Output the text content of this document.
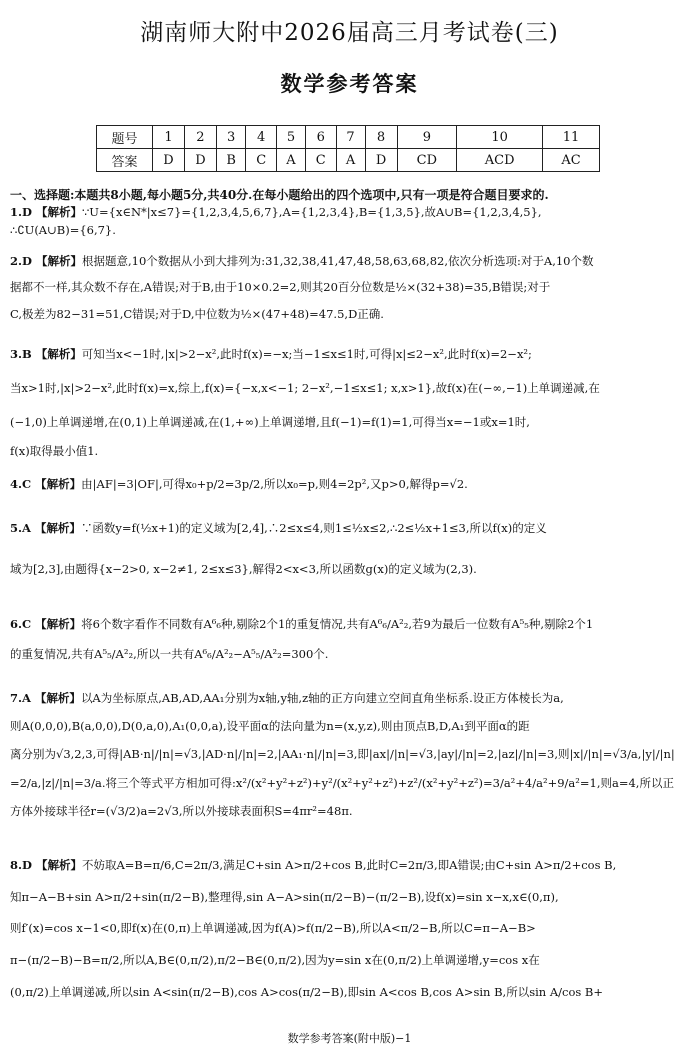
湖南师大附中2026届高三月考试卷(三)
数学参考答案
题号	1	2	3	4	5	6	7	8	9	10	11
答案	D	D	B	C	A	C	A	D	CD	ACD	AC
一、选择题:本题共8小题,每小题5分,共40分.在每小题给出的四个选项中,只有一项是符合题目要求的.
1.D 【解析】∵U={x∈N*|x≤7}={1,2,3,4,5,6,7},A={1,2,3,4},B={1,3,5},故A∪B={1,2,3,4,5},
∴∁U(A∪B)={6,7}.
2.D 【解析】根据题意,10个数据从小到大排列为:31,32,38,41,47,48,58,63,68,82,依次分析选项:对于A,10个数
据都不一样,其众数不存在,A错误;对于B,由于10×0.2=2,则其20百分位数是½×(32+38)=35,B错误;对于
C,极差为82−31=51,C错误;对于D,中位数为½×(47+48)=47.5,D正确.
3.B 【解析】可知当x<−1时,|x|>2−x²,此时f(x)=−x;当−1≤x≤1时,可得|x|≤2−x²,此时f(x)=2−x²;
当x>1时,|x|>2−x²,此时f(x)=x,综上,f(x)={−x,x<−1; 2−x²,−1≤x≤1; x,x>1},故f(x)在(−∞,−1)上单调递减,在
(−1,0)上单调递增,在(0,1)上单调递减,在(1,+∞)上单调递增,且f(−1)=f(1)=1,可得当x=−1或x=1时,
f(x)取得最小值1.
4.C 【解析】由|AF|=3|OF|,可得x₀+p/2=3p/2,所以x₀=p,则4=2p²,又p>0,解得p=√2.
5.A 【解析】∵函数y=f(½x+1)的定义域为[2,4],∴2≤x≤4,则1≤½x≤2,∴2≤½x+1≤3,所以f(x)的定义
域为[2,3],由题得{x−2>0, x−2≠1, 2≤x≤3},解得2<x<3,所以函数g(x)的定义域为(2,3).
6.C 【解析】将6个数字看作不同数有A⁶₆种,剔除2个1的重复情况,共有A⁶₆/A²₂,若9为最后一位数有A⁵₅种,剔除2个1
的重复情况,共有A⁵₅/A²₂,所以一共有A⁶₆/A²₂−A⁵₅/A²₂=300个.
7.A 【解析】以A为坐标原点,AB,AD,AA₁分别为x轴,y轴,z轴的正方向建立空间直角坐标系.设正方体棱长为a,
则A(0,0,0),B(a,0,0),D(0,a,0),A₁(0,0,a),设平面α的法向量为n=(x,y,z),则由顶点B,D,A₁到平面α的距
离分别为√3,2,3,可得|AB·n|/|n|=√3,|AD·n|/|n|=2,|AA₁·n|/|n|=3,即|ax|/|n|=√3,|ay|/|n|=2,|az|/|n|=3,则|x|/|n|=√3/a,|y|/|n|
=2/a,|z|/|n|=3/a.将三个等式平方相加可得:x²/(x²+y²+z²)+y²/(x²+y²+z²)+z²/(x²+y²+z²)=3/a²+4/a²+9/a²=1,则a=4,所以正
方体外接球半径r=(√3/2)a=2√3,所以外接球表面积S=4πr²=48π.
8.D 【解析】不妨取A=B=π/6,C=2π/3,满足C+sin A>π/2+cos B,此时C=2π/3,即A错误;由C+sin A>π/2+cos B,
知π−A−B+sin A>π/2+sin(π/2−B),整理得,sin A−A>sin(π/2−B)−(π/2−B),设f(x)=sin x−x,x∈(0,π),
则f′(x)=cos x−1<0,即f(x)在(0,π)上单调递减,因为f(A)>f(π/2−B),所以A<π/2−B,所以C=π−A−B>
π−(π/2−B)−B=π/2,所以A,B∈(0,π/2),π/2−B∈(0,π/2),因为y=sin x在(0,π/2)上单调递增,y=cos x在
(0,π/2)上单调递减,所以sin A<sin(π/2−B),cos A>cos(π/2−B),即sin A<cos B,cos A>sin B,所以sin A/cos B+
数学参考答案(附中版)−1
